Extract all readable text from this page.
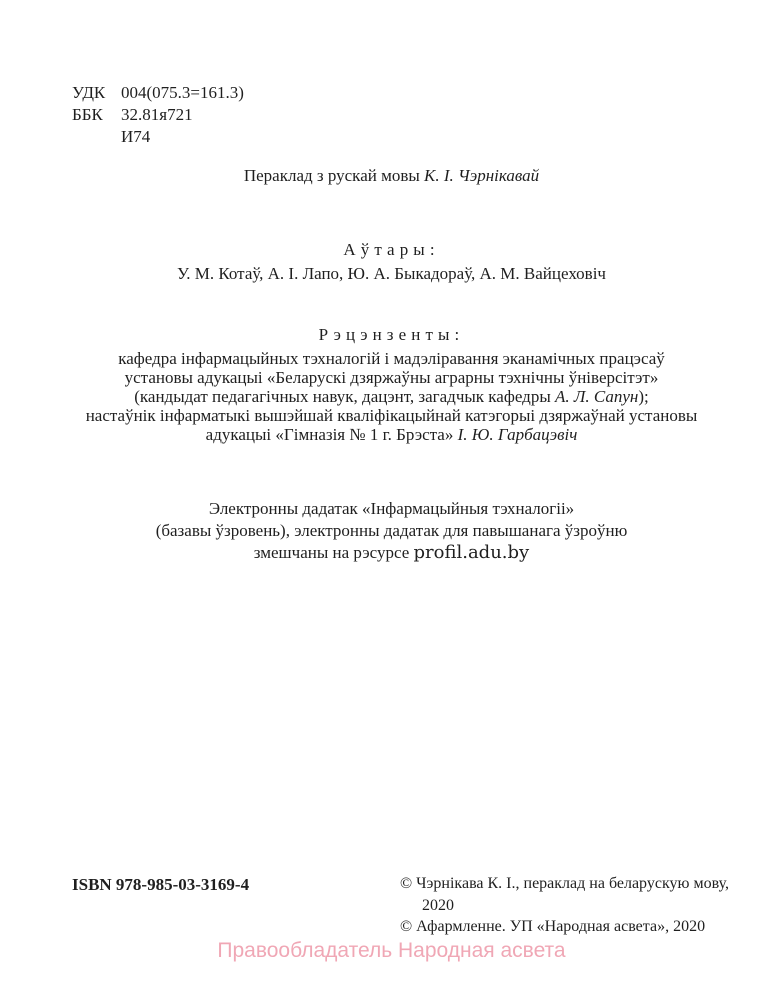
УДК 004(075.3=161.3)
ББК	32.81я721
И74
Пераклад з рускай мовы К. І. Чэрнікавай
Аўтары:
У. М. Котаў, А. І. Лапо, Ю. А. Быкадораў, А. М. Вайцеховіч
Рэцэнзенты:
кафедра інфармацыйных тэхналогій і мадэліравання эканамічных працэсаў
установы адукацыі «Беларускі дзяржаўны аграрны тэхнічны ўніверсітэт»
(кандыдат педагагічных навук, дацэнт, загадчык кафедры А. Л. Сапун);
настаўнік інфарматыкі вышэйшай кваліфікацыйнай катэгорыі дзяржаўнай установы
адукацыі «Гімназія № 1 г. Брэста» І. Ю. Гарбацэвіч
Электронны дадатак «Інфармацыйныя тэхналогіі»
(базавы ўзровень), электронны дадатак для павышанага ўзроўню
змешчаны на рэсурсе profil.adu.by
ISBN 978-985-03-3169-4	© Чэрнікава К. І., пераклад на беларускую мову, 2020
© Афармленне. УП «Народная асвета», 2020
Правообладатель Народная асвета
